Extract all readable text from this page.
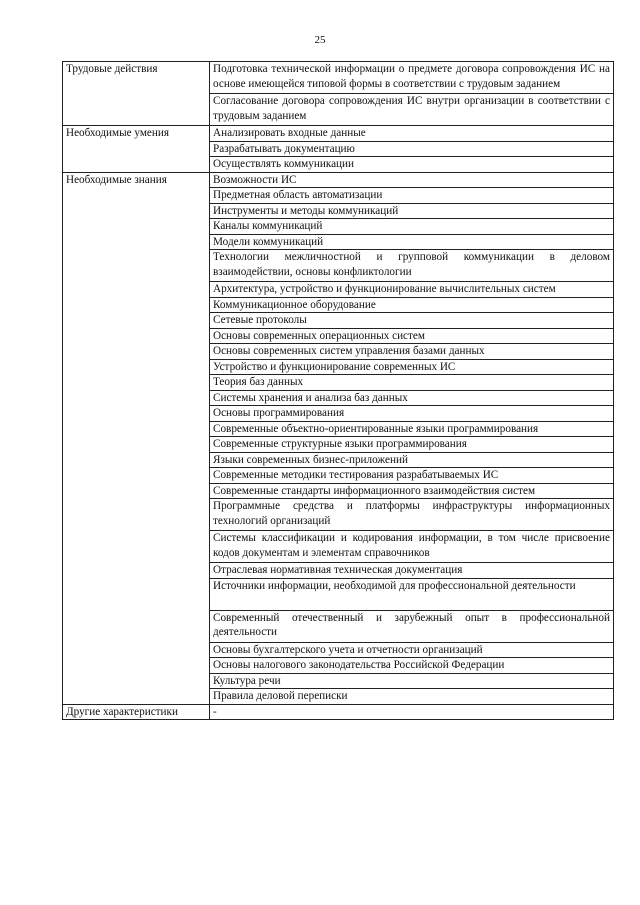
25
Трудовые действия	Подготовка технической информации о предмете договора сопровождения ИС на основе имеющейся типовой формы в соответствии с трудовым заданием
	Согласование договора сопровождения ИС внутри организации в соответствии с трудовым заданием
Необходимые умения	Анализировать входные данные
	Разрабатывать документацию
	Осуществлять коммуникации
Необходимые знания	Возможности ИС
	Предметная область автоматизации
	Инструменты и методы коммуникаций
	Каналы коммуникаций
	Модели коммуникаций
	Технологии межличностной и групповой коммуникации в деловом взаимодействии, основы конфликтологии
	Архитектура, устройство и функционирование вычислительных систем
	Коммуникационное оборудование
	Сетевые протоколы
	Основы современных операционных систем
	Основы современных систем управления базами данных
	Устройство и функционирование современных ИС
	Теория баз данных
	Системы хранения и анализа баз данных
	Основы программирования
	Современные объектно-ориентированные языки программирования
	Современные структурные языки программирования
	Языки современных бизнес-приложений
	Современные методики тестирования разрабатываемых ИС
	Современные стандарты информационного взаимодействия систем
	Программные средства и платформы инфраструктуры информационных технологий организаций
	Системы классификации и кодирования информации, в том числе присвоение кодов документам и элементам справочников
	Отраслевая нормативная техническая документация
	Источники информации, необходимой для профессиональной деятельности
	Современный отечественный и зарубежный опыт в профессиональной деятельности
	Основы бухгалтерского учета и отчетности организаций
	Основы налогового законодательства Российской Федерации
	Культура речи
	Правила деловой переписки
Другие характеристики	-
